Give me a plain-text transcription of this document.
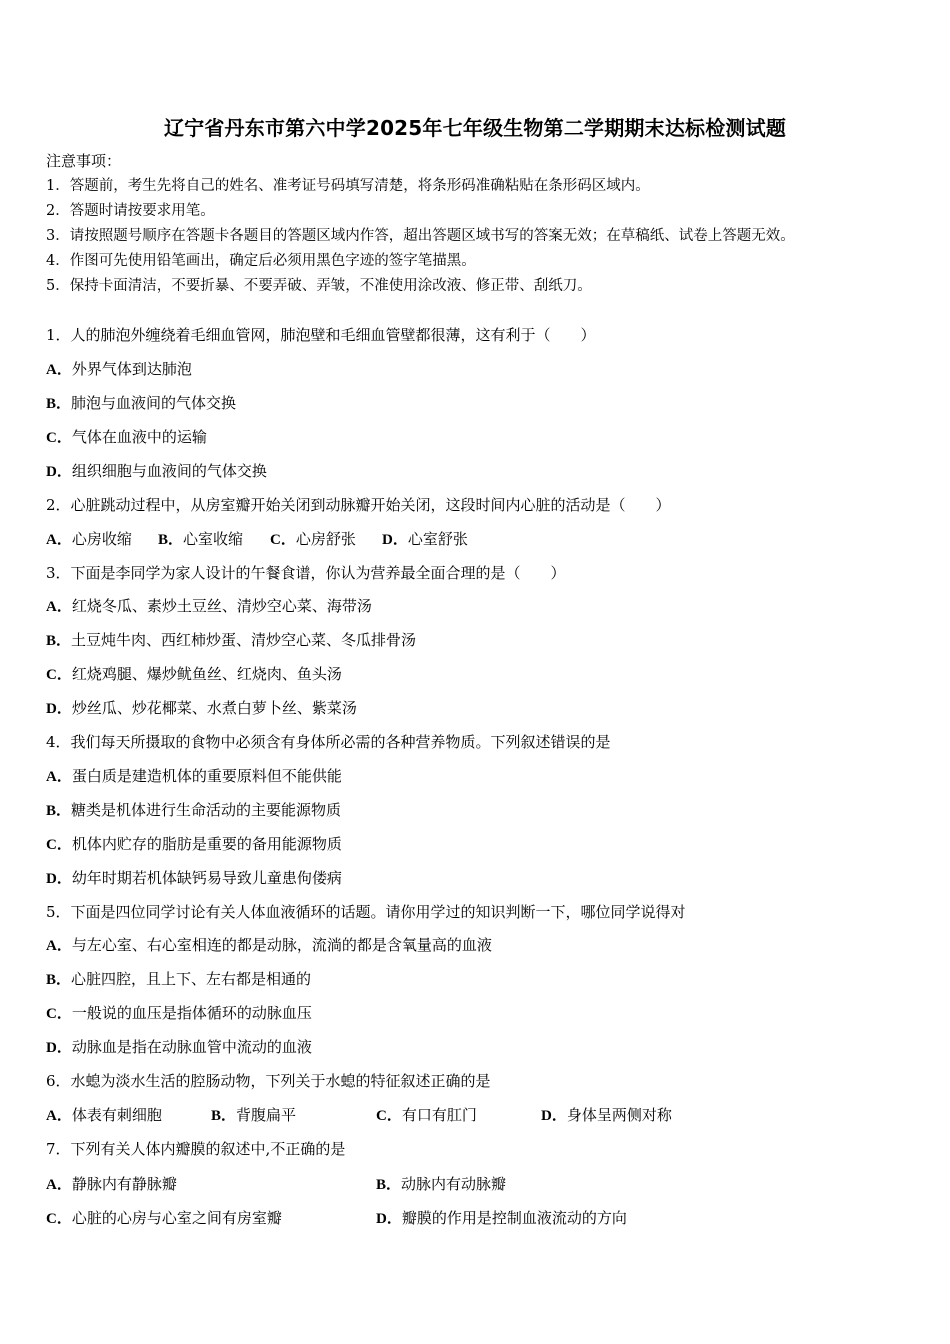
辽宁省丹东市第六中学2025年七年级生物第二学期期末达标检测试题
注意事项：
1．答题前，考生先将自己的姓名、准考证号码填写清楚，将条形码准确粘贴在条形码区域内。
2．答题时请按要求用笔。
3．请按照题号顺序在答题卡各题目的答题区域内作答，超出答题区域书写的答案无效；在草稿纸、试卷上答题无效。
4．作图可先使用铅笔画出，确定后必须用黑色字迹的签字笔描黑。
5．保持卡面清洁，不要折暴、不要弄破、弄皱，不准使用涂改液、修正带、刮纸刀。
1．人的肺泡外缠绕着毛细血管网，肺泡壁和毛细血管壁都很薄，这有利于（　　）
A．外界气体到达肺泡
B．肺泡与血液间的气体交换
C．气体在血液中的运输
D．组织细胞与血液间的气体交换
2．心脏跳动过程中，从房室瓣开始关闭到动脉瓣开始关闭，这段时间内心脏的活动是（　　）
A．心房收缩 B．心室收缩 C．心房舒张 D．心室舒张
3．下面是李同学为家人设计的午餐食谱，你认为营养最全面合理的是（　　）
A．红烧冬瓜、素炒土豆丝、清炒空心菜、海带汤
B．土豆炖牛肉、西红柿炒蛋、清炒空心菜、冬瓜排骨汤
C．红烧鸡腿、爆炒鱿鱼丝、红烧肉、鱼头汤
D．炒丝瓜、炒花椰菜、水煮白萝卜丝、紫菜汤
4．我们每天所摄取的食物中必须含有身体所必需的各种营养物质。下列叙述错误的是
A．蛋白质是建造机体的重要原料但不能供能
B．糖类是机体进行生命活动的主要能源物质
C．机体内贮存的脂肪是重要的备用能源物质
D．幼年时期若机体缺钙易导致儿童患佝偻病
5．下面是四位同学讨论有关人体血液循环的话题。请你用学过的知识判断一下，哪位同学说得对
A．与左心室、右心室相连的都是动脉，流淌的都是含氧量高的血液
B．心脏四腔，且上下、左右都是相通的
C．一般说的血压是指体循环的动脉血压
D．动脉血是指在动脉血管中流动的血液
6．水螅为淡水生活的腔肠动物，下列关于水螅的特征叙述正确的是
A．体表有刺细胞	B．背腹扁平	C．有口有肛门	D．身体呈两侧对称
7．下列有关人体内瓣膜的叙述中,不正确的是
A．静脉内有静脉瓣	B．动脉内有动脉瓣
C．心脏的心房与心室之间有房室瓣	D．瓣膜的作用是控制血液流动的方向
